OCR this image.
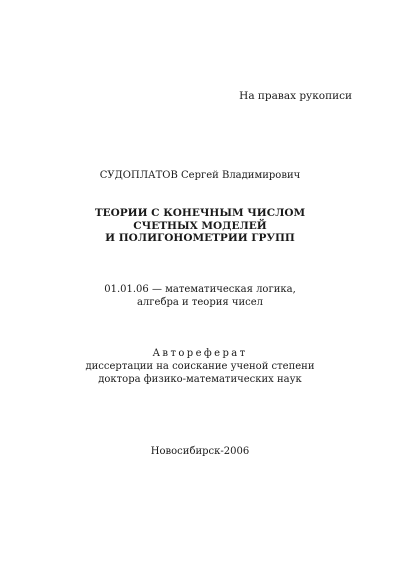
На правах рукописи
СУДОПЛАТОВ Сергей Владимирович
ТЕОРИИ С КОНЕЧНЫМ ЧИСЛОМ
СЧЕТНЫХ МОДЕЛЕЙ
И ПОЛИГОНОМЕТРИИ ГРУПП
01.01.06 — математическая логика,
алгебра и теория чисел
Автореферат
диссертации на соискание ученой степени
доктора физико-математических наук
Новосибирск-2006
